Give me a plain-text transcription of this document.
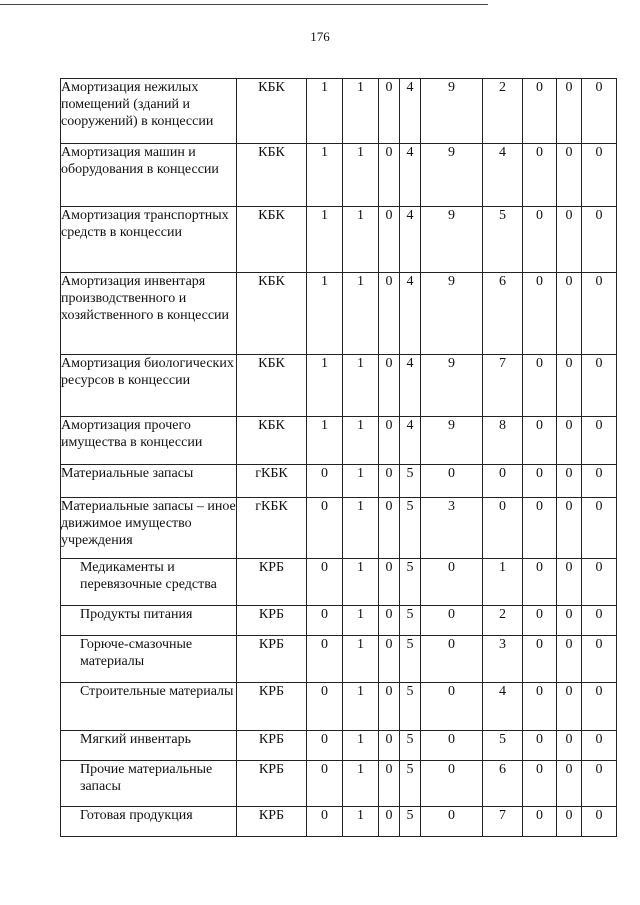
176
Амортизация нежилых помещений (зданий и сооружений) в концессии	КБК	1	1	0	4	9	2	0	0	0
Амортизация машин и оборудования в концессии	КБК	1	1	0	4	9	4	0	0	0
Амортизация транспортных средств в концессии	КБК	1	1	0	4	9	5	0	0	0
Амортизация инвентаря производственного и хозяйственного в концессии	КБК	1	1	0	4	9	6	0	0	0
Амортизация биологических ресурсов в концессии	КБК	1	1	0	4	9	7	0	0	0
Амортизация прочего имущества в концессии	КБК	1	1	0	4	9	8	0	0	0
Материальные запасы	гКБК	0	1	0	5	0	0	0	0	0
Материальные запасы – иное движимое имущество учреждения	гКБК	0	1	0	5	3	0	0	0	0
Медикаменты и перевязочные средства	КРБ	0	1	0	5	0	1	0	0	0
Продукты питания	КРБ	0	1	0	5	0	2	0	0	0
Горюче-смазочные материалы	КРБ	0	1	0	5	0	3	0	0	0
Строительные материалы	КРБ	0	1	0	5	0	4	0	0	0
Мягкий инвентарь	КРБ	0	1	0	5	0	5	0	0	0
Прочие материальные запасы	КРБ	0	1	0	5	0	6	0	0	0
Готовая продукция	КРБ	0	1	0	5	0	7	0	0	0
